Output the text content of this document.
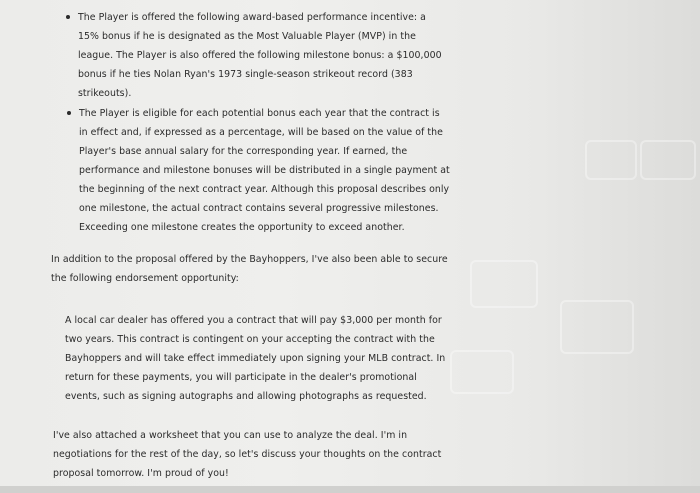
The Player is offered the following award-based performance incentive: a
15% bonus if he is designated as the Most Valuable Player (MVP) in the
league. The Player is also offered the following milestone bonus: a $100,000
bonus if he ties Nolan Ryan's 1973 single-season strikeout record (383
strikeouts).
The Player is eligible for each potential bonus each year that the contract is
in effect and, if expressed as a percentage, will be based on the value of the
Player's base annual salary for the corresponding year. If earned, the
performance and milestone bonuses will be distributed in a single payment at
the beginning of the next contract year. Although this proposal describes only
one milestone, the actual contract contains several progressive milestones.
Exceeding one milestone creates the opportunity to exceed another.
In addition to the proposal offered by the Bayhoppers, I've also been able to secure
the following endorsement opportunity:
A local car dealer has offered you a contract that will pay $3,000 per month for
two years. This contract is contingent on your accepting the contract with the
Bayhoppers and will take effect immediately upon signing your MLB contract. In
return for these payments, you will participate in the dealer's promotional
events, such as signing autographs and allowing photographs as requested.
I've also attached a worksheet that you can use to analyze the deal. I'm in
negotiations for the rest of the day, so let's discuss your thoughts on the contract
proposal tomorrow. I'm proud of you!
